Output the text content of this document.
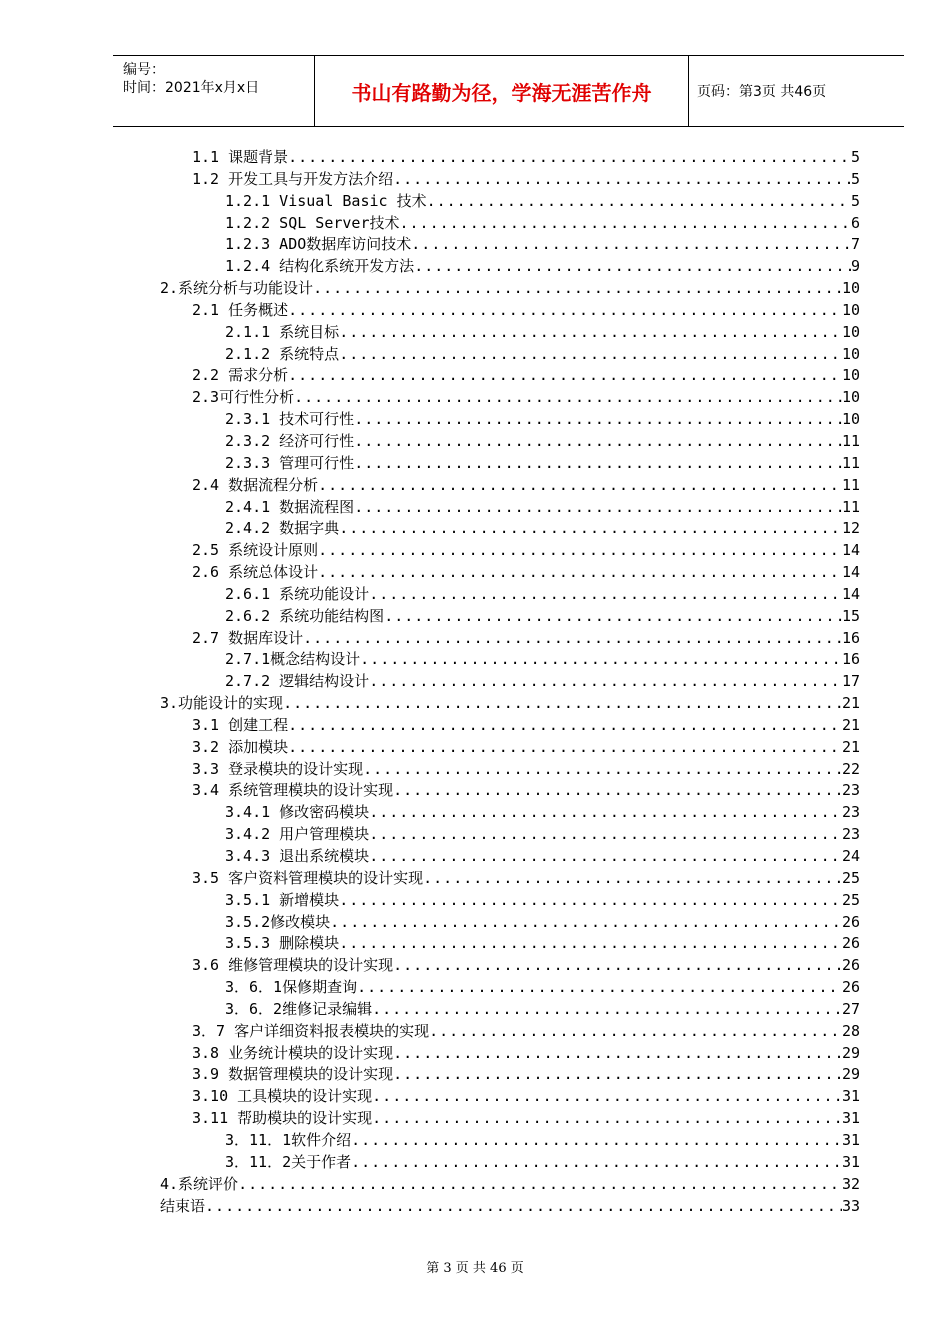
编号：
时间：2021年x月x日	书山有路勤为径，学海无涯苦作舟	页码：第3页 共46页
1.1 课题背景 .....	5
1.2 开发工具与开发方法介绍 .....	5
1.2.1 Visual Basic 技术 .....	5
1.2.2 SQL Server技术 .....	6
1.2.3 ADO数据库访问技术 .....	7
1.2.4 结构化系统开发方法 .....	9
2.系统分析与功能设计 .....	10
2.1 任务概述 .....	10
2.1.1 系统目标 .....	10
2.1.2 系统特点 .....	10
2.2 需求分析 .....	10
2.3可行性分析 .....	10
2.3.1 技术可行性 .....	10
2.3.2 经济可行性 .....	11
2.3.3 管理可行性 .....	11
2.4 数据流程分析 .....	11
2.4.1 数据流程图 .....	11
2.4.2 数据字典 .....	12
2.5 系统设计原则 .....	14
2.6 系统总体设计 .....	14
2.6.1 系统功能设计 .....	14
2.6.2 系统功能结构图 .....	15
2.7 数据库设计 .....	16
2.7.1概念结构设计 .....	16
2.7.2 逻辑结构设计 .....	17
3.功能设计的实现 .....	21
3.1 创建工程 .....	21
3.2 添加模块 .....	21
3.3 登录模块的设计实现 .....	22
3.4 系统管理模块的设计实现 .....	23
3.4.1 修改密码模块 .....	23
3.4.2 用户管理模块 .....	23
3.4.3 退出系统模块 .....	24
3.5 客户资料管理模块的设计实现 .....	25
3.5.1 新增模块 .....	25
3.5.2修改模块 .....	26
3.5.3 删除模块 .....	26
3.6 维修管理模块的设计实现 .....	26
3．6．1保修期查询 .....	26
3．6．2维修记录编辑 .....	27
3．7 客户详细资料报表模块的实现 .....	28
3.8 业务统计模块的设计实现 .....	29
3.9 数据管理模块的设计实现 .....	29
3.10 工具模块的设计实现 .....	31
3.11 帮助模块的设计实现 .....	31
3．11．1软件介绍 .....	31
3．11．2关于作者 .....	31
4.系统评价 .....	32
结束语 .....	33
第 3 页 共 46 页
